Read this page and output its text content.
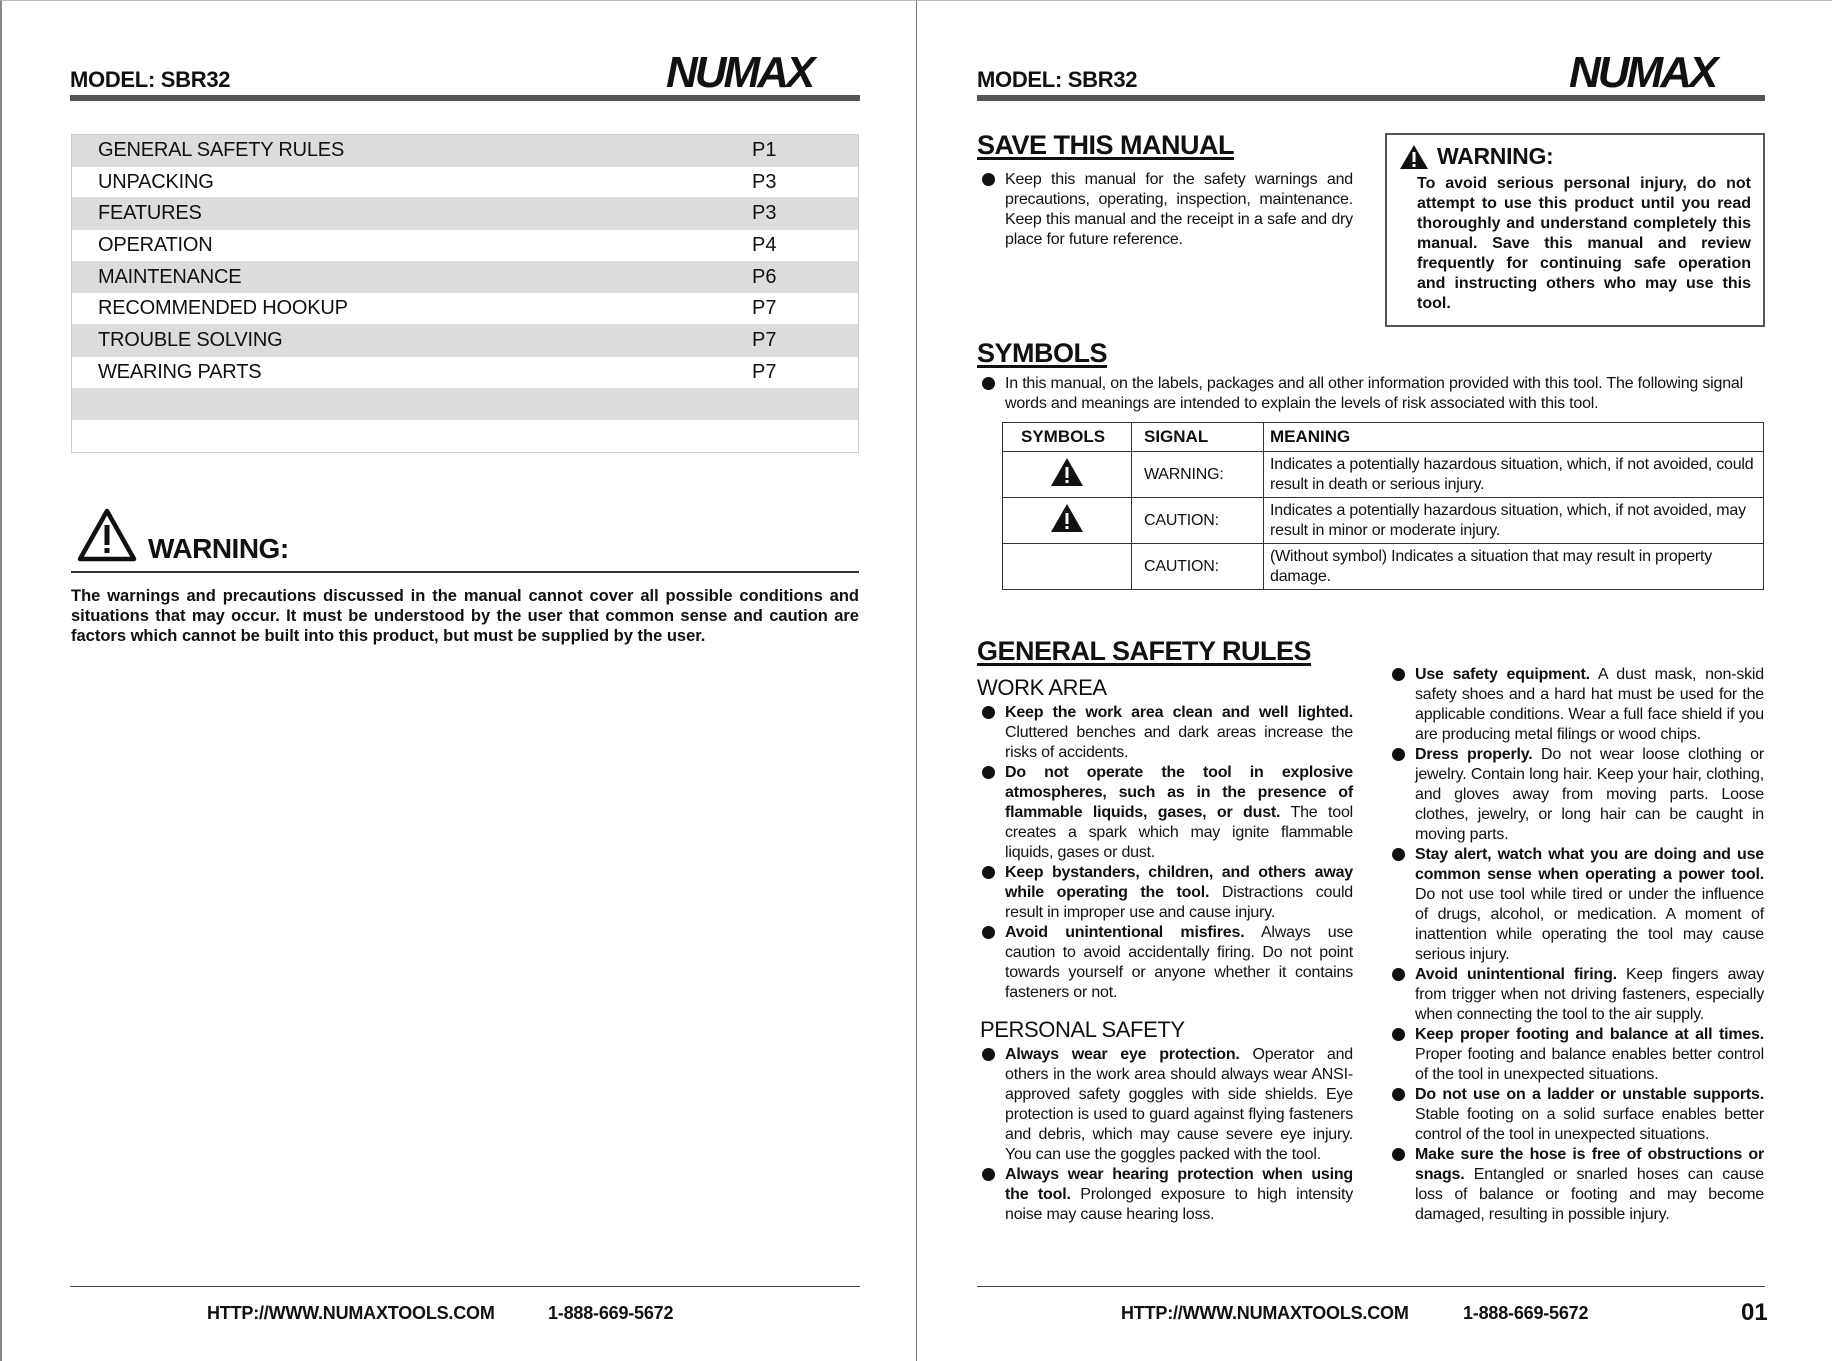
MODEL: SBR32	NUMAX
GENERAL SAFETY RULES	P1
UNPACKING	P3
FEATURES	P3
OPERATION	P4
MAINTENANCE	P6
RECOMMENDED HOOKUP	P7
TROUBLE SOLVING	P7
WEARING PARTS	P7
WARNING:
The warnings and precautions discussed in the manual cannot cover all possible conditions and situations that may occur. It must be understood by the user that common sense and caution are factors which cannot be built into this product, but must be supplied by the user.
HTTP://WWW.NUMAXTOOLS.COM	1-888-669-5672
MODEL: SBR32	NUMAX
HTTP://WWW.NUMAXTOOLS.COM	1-888-669-5672	01
SAVE THIS MANUAL
Keep this manual for the safety warnings and precautions, operating, inspection, maintenance. Keep this manual and the receipt in a safe and dry place for future reference.
WARNING:
To avoid serious personal injury, do not attempt to use this product until you read thoroughly and understand completely this manual. Save this manual and review frequently for continuing safe operation and instructing others who may use this tool.
SYMBOLS
In this manual, on the labels, packages and all other information provided with this tool. The following signal words and meanings are intended to explain the levels of risk associated with this tool.
SYMBOLS	SIGNAL	MEANING
	WARNING:	Indicates a potentially hazardous situation, which, if not avoided, could result in death or serious injury.
	CAUTION:	Indicates a potentially hazardous situation, which, if not avoided, may result in minor or moderate injury.
	CAUTION:	(Without symbol) Indicates a situation that may result in property damage.
GENERAL SAFETY RULES
WORK AREA
Keep the work area clean and well lighted. Cluttered benches and dark areas increase the risks of accidents.
Do not operate the tool in explosive atmospheres, such as in the presence of flammable liquids, gases, or dust. The tool creates a spark which may ignite flammable liquids, gases or dust.
Keep bystanders, children, and others away while operating the tool. Distractions could result in improper use and cause injury.
Avoid unintentional misfires. Always use caution to avoid accidentally firing. Do not point towards yourself or anyone whether it contains fasteners or not.
PERSONAL SAFETY
Always wear eye protection. Operator and others in the work area should always wear ANSI-approved safety goggles with side shields. Eye protection is used to guard against flying fasteners and debris, which may cause severe eye injury. You can use the goggles packed with the tool.
Always wear hearing protection when using the tool. Prolonged exposure to high intensity noise may cause hearing loss.
Use safety equipment. A dust mask, non-skid safety shoes and a hard hat must be used for the applicable conditions. Wear a full face shield if you are producing metal filings or wood chips.
Dress properly. Do not wear loose clothing or jewelry. Contain long hair. Keep your hair, clothing, and gloves away from moving parts. Loose clothes, jewelry, or long hair can be caught in moving parts.
Stay alert, watch what you are doing and use common sense when operating a power tool. Do not use tool while tired or under the influence of drugs, alcohol, or medication. A moment of inattention while operating the tool may cause serious injury.
Avoid unintentional firing. Keep fingers away from trigger when not driving fasteners, especially when connecting the tool to the air supply.
Keep proper footing and balance at all times. Proper footing and balance enables better control of the tool in unexpected situations.
Do not use on a ladder or unstable supports. Stable footing on a solid surface enables better control of the tool in unexpected situations.
Make sure the hose is free of obstructions or snags. Entangled or snarled hoses can cause loss of balance or footing and may become damaged, resulting in possible injury.
